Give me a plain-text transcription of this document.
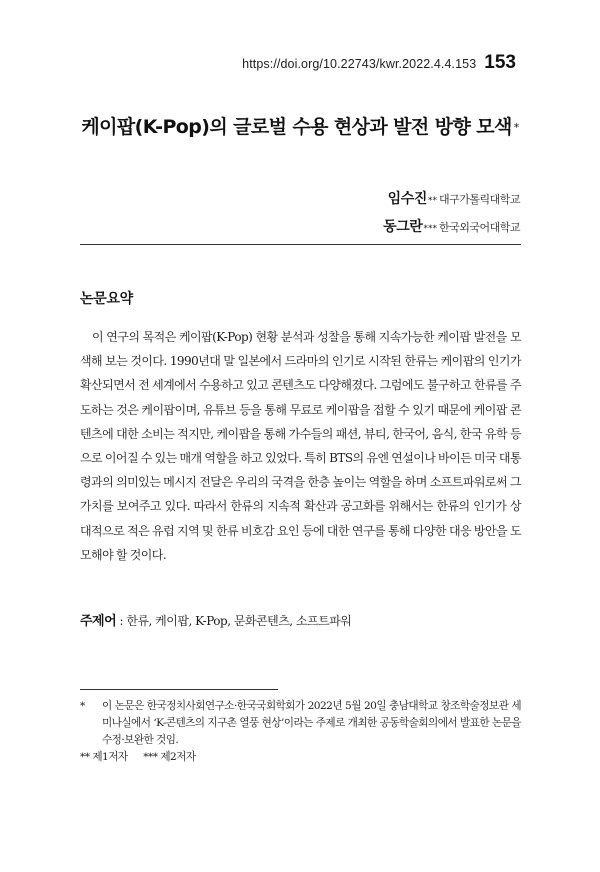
https://doi.org/10.22743/kwr.2022.4.4.153 153
케이팝(K-Pop)의 글로벌 수용 현상과 발전 방향 모색 *
임수진** 대구가톨릭대학교
동그란*** 한국외국어대학교
논문요약

이 연구의 목적은 케이팝(K-Pop) 현황 분석과 성찰을 통해 지속가능한 케이팝 발전을 모색해 보는 것이다. 1990년대 말 일본에서 드라마의 인기로 시작된 한류는 케이팝의 인기가 확산되면서 전 세계에서 수용하고 있고 콘텐츠도 다양해졌다. 그럼에도 불구하고 한류를 주도하는 것은 케이팝이며, 유튜브 등을 통해 무료로 케이팝을 접할 수 있기 때문에 케이팝 콘텐츠에 대한 소비는 적지만, 케이팝을 통해 가수들의 패션, 뷰티, 한국어, 음식, 한국 유학 등으로 이어질 수 있는 매개 역할을 하고 있었다. 특히 BTS의 유엔 연설이나 바이든 미국 대통령과의 의미있는 메시지 전달은 우리의 국격을 한층 높이는 역할을 하며 소프트파워로써 그 가치를 보여주고 있다. 따라서 한류의 지속적 확산과 공고화를 위해서는 한류의 인기가 상대적으로 적은 유럽 지역 및 한류 비호감 요인 등에 대한 연구를 통해 다양한 대응 방안을 도모해야 할 것이다.

주제어 : 한류, 케이팝, K-Pop, 문화콘텐츠, 소프트파워
*	이 논문은 한국정치사회연구소·한국국회학회가 2022년 5월 20일 충남대학교 창조학술정보관 세미나실에서 ‘K-콘텐츠의 지구촌 열풍 현상’이라는 주제로 개최한 공동학술회의에서 발표한 논문을 수정·보완한 것임.
** 제1저자 *** 제2저자
